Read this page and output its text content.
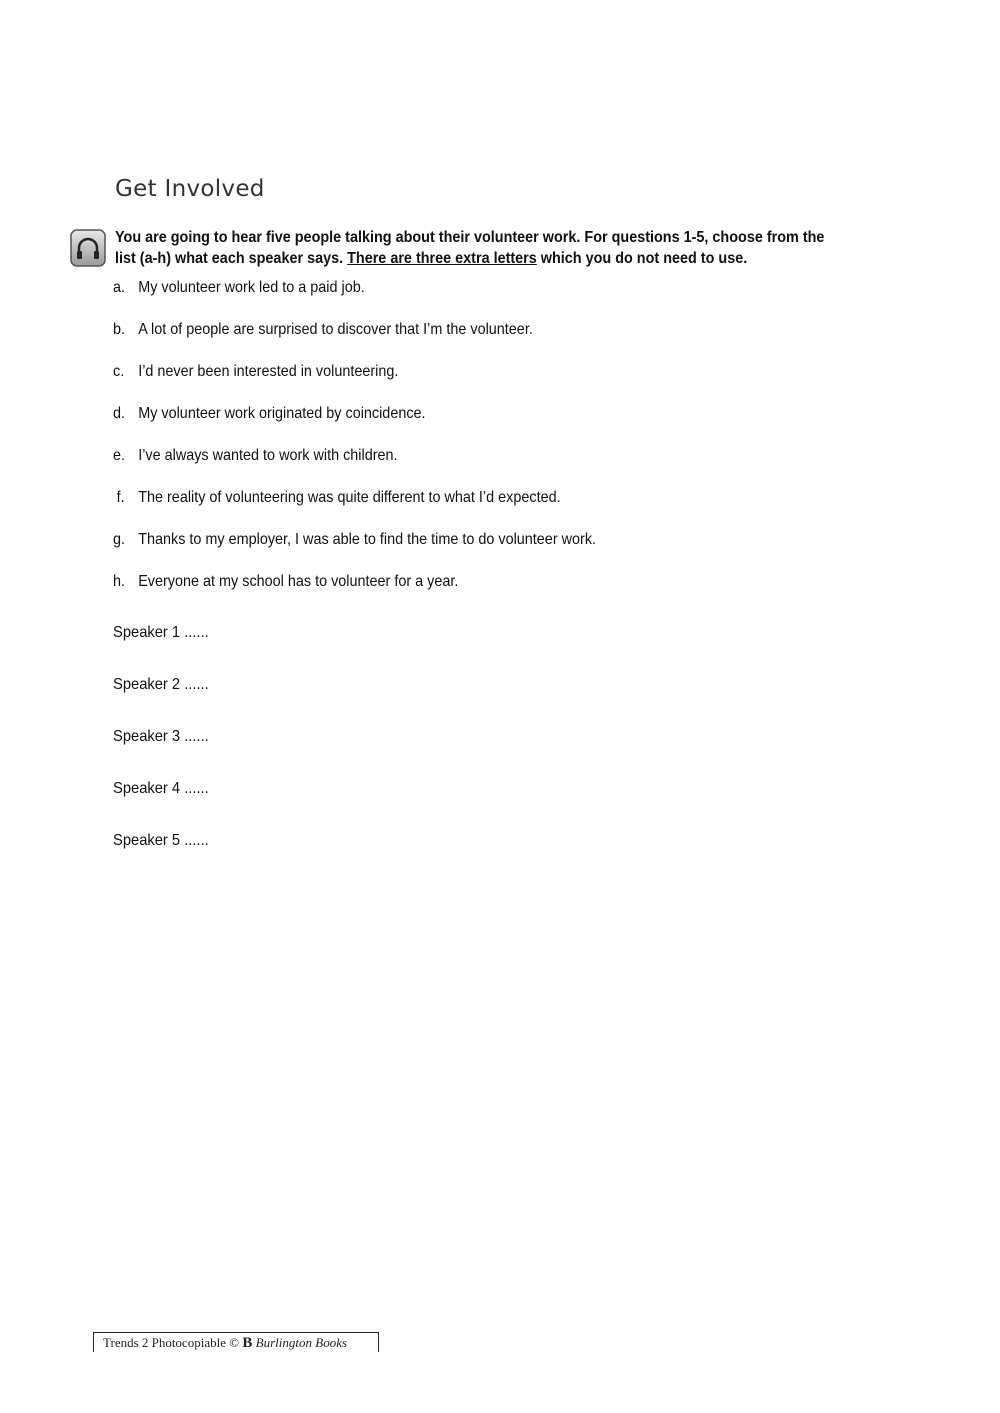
Get Involved
You are going to hear five people talking about their volunteer work. For questions 1-5, choose from the list (a-h) what each speaker says. There are three extra letters which you do not need to use.
a. My volunteer work led to a paid job.
b. A lot of people are surprised to discover that I’m the volunteer.
c. I’d never been interested in volunteering.
d. My volunteer work originated by coincidence.
e. I’ve always wanted to work with children.
f. The reality of volunteering was quite different to what I’d expected.
g. Thanks to my employer, I was able to find the time to do volunteer work.
h. Everyone at my school has to volunteer for a year.
Speaker 1 ......
Speaker 2 ......
Speaker 3 ......
Speaker 4 ......
Speaker 5 ......
Trends 2 Photocopiable © B Burlington Books
